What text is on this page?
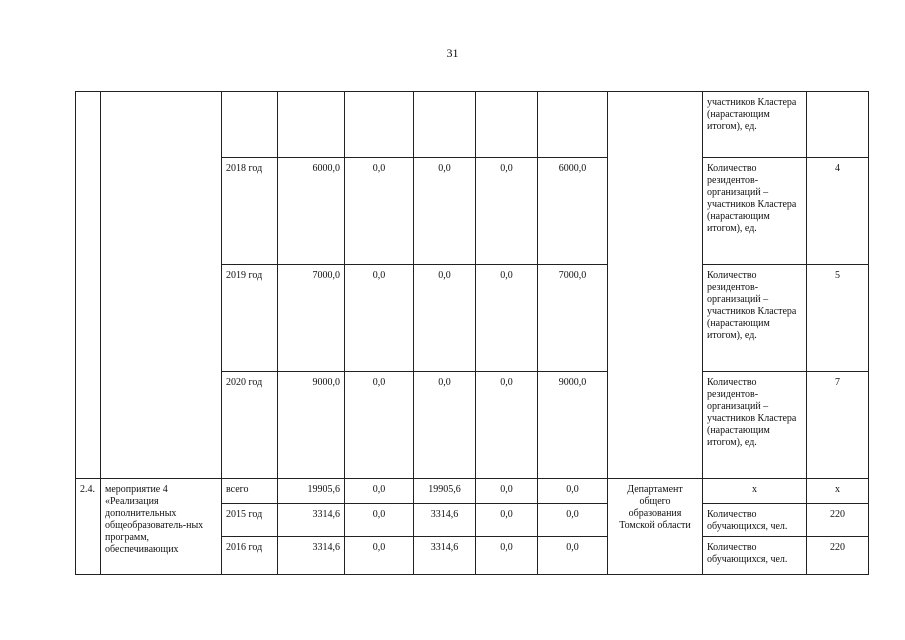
31
									участников Кластера (нарастающим итогом), ед.	
		2018 год	6000,0	0,0	0,0	0,0	6000,0		Количество резидентов-организаций – участников Кластера (нарастающим итогом), ед.	4
		2019 год	7000,0	0,0	0,0	0,0	7000,0		Количество резидентов-организаций – участников Кластера (нарастающим итогом), ед.	5
		2020 год	9000,0	0,0	0,0	0,0	9000,0		Количество резидентов-организаций – участников Кластера (нарастающим итогом), ед.	7
2.4.	мероприятие 4 «Реализация дополнительных общеобразователь-ных программ, обеспечивающих	всего	19905,6	0,0	19905,6	0,0	0,0	Департамент общего образования Томской области	x	x
		2015 год	3314,6	0,0	3314,6	0,0	0,0		Количество обучающихся, чел.	220
		2016 год	3314,6	0,0	3314,6	0,0	0,0		Количество обучающихся, чел.	220
